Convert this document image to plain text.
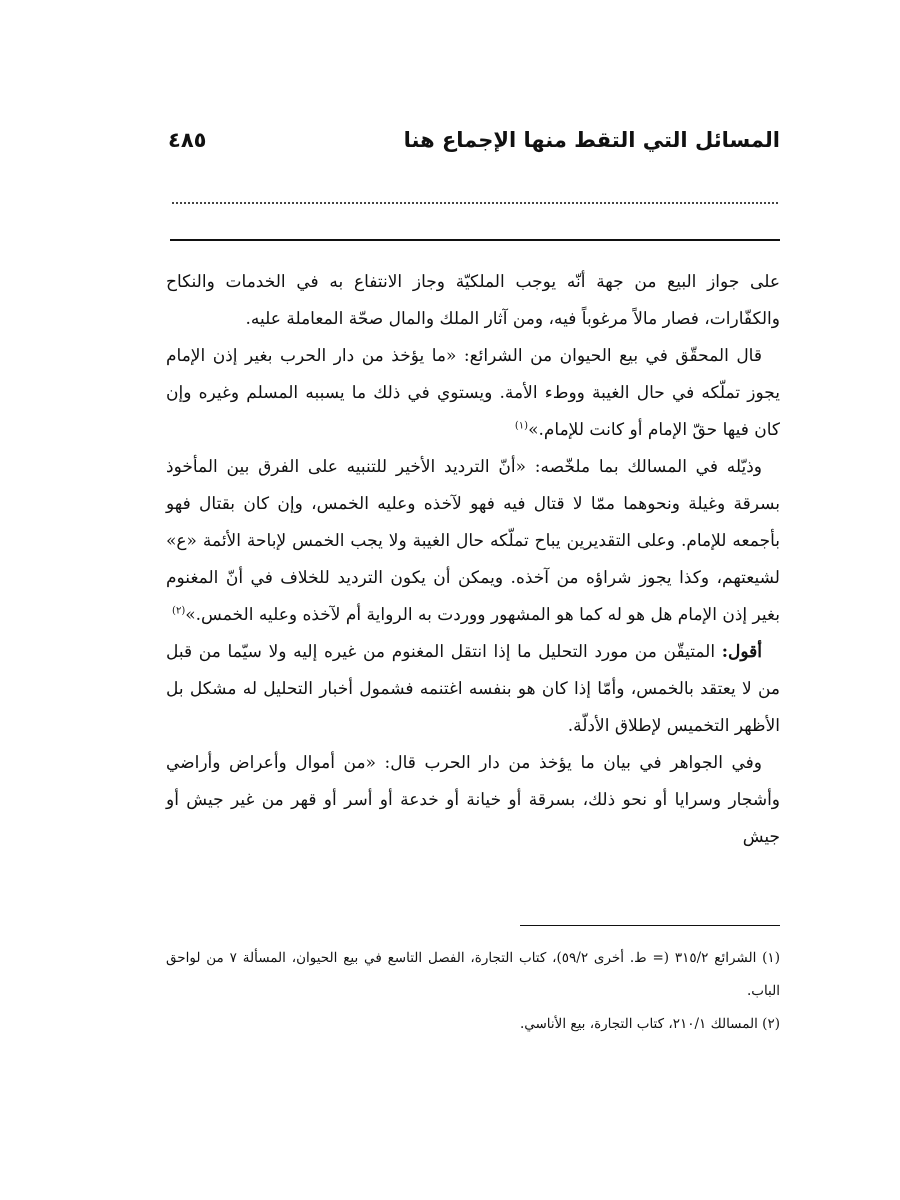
المسائل التي التقط منها الإجماع هنا
٤٨٥

على جواز البيع من جهة أنّه يوجب الملكيّة وجاز الانتفاع به في الخدمات والنكاح والكفّارات، فصار مالاً مرغوباً فيه، ومن آثار الملك والمال صحّة المعاملة عليه.

قال المحقّق في بيع الحيوان من الشرائع: «ما يؤخذ من دار الحرب بغير إذن الإمام يجوز تملّكه في حال الغيبة ووطء الأمة. ويستوي في ذلك ما يسببه المسلم وغيره وإن كان فيها حقّ الإمام أو كانت للإمام.»$^{(١)}$

وذيّله في المسالك بما ملخّصه: «أنّ الترديد الأخير للتنبيه على الفرق بين المأخوذ بسرقة وغيلة ونحوهما ممّا لا قتال فيه فهو لآخذه وعليه الخمس، وإن كان بقتال فهو بأجمعه للإمام. وعلى التقديرين يباح تملّكه حال الغيبة ولا يجب الخمس لإباحة الأئمة «ع» لشيعتهم، وكذا يجوز شراؤه من آخذه. ويمكن أن يكون الترديد للخلاف في أنّ المغنوم بغير إذن الإمام هل هو له كما هو المشهور ووردت به الرواية أم لآخذه وعليه الخمس.»$^{(٢)}$

أقول: المتيقّن من مورد التحليل ما إذا انتقل المغنوم من غيره إليه ولا سيّما من قبل من لا يعتقد بالخمس، وأمّا إذا كان هو بنفسه اغتنمه فشمول أخبار التحليل له مشكل بل الأظهر التخميس لإطلاق الأدلّة.

وفي الجواهر في بيان ما يؤخذ من دار الحرب قال: «من أموال وأعراض وأراضي وأشجار وسرايا أو نحو ذلك، بسرقة أو خيانة أو خدعة أو أسر أو قهر من غير جيش أو جيش

(١) الشرائع ٣١٥/٢ (= ط. أخرى ٥٩/٢)، كتاب التجارة، الفصل التاسع في بيع الحيوان، المسألة ٧ من لواحق الباب.

(٢) المسالك ٢١٠/١، كتاب التجارة، بيع الأناسي.
